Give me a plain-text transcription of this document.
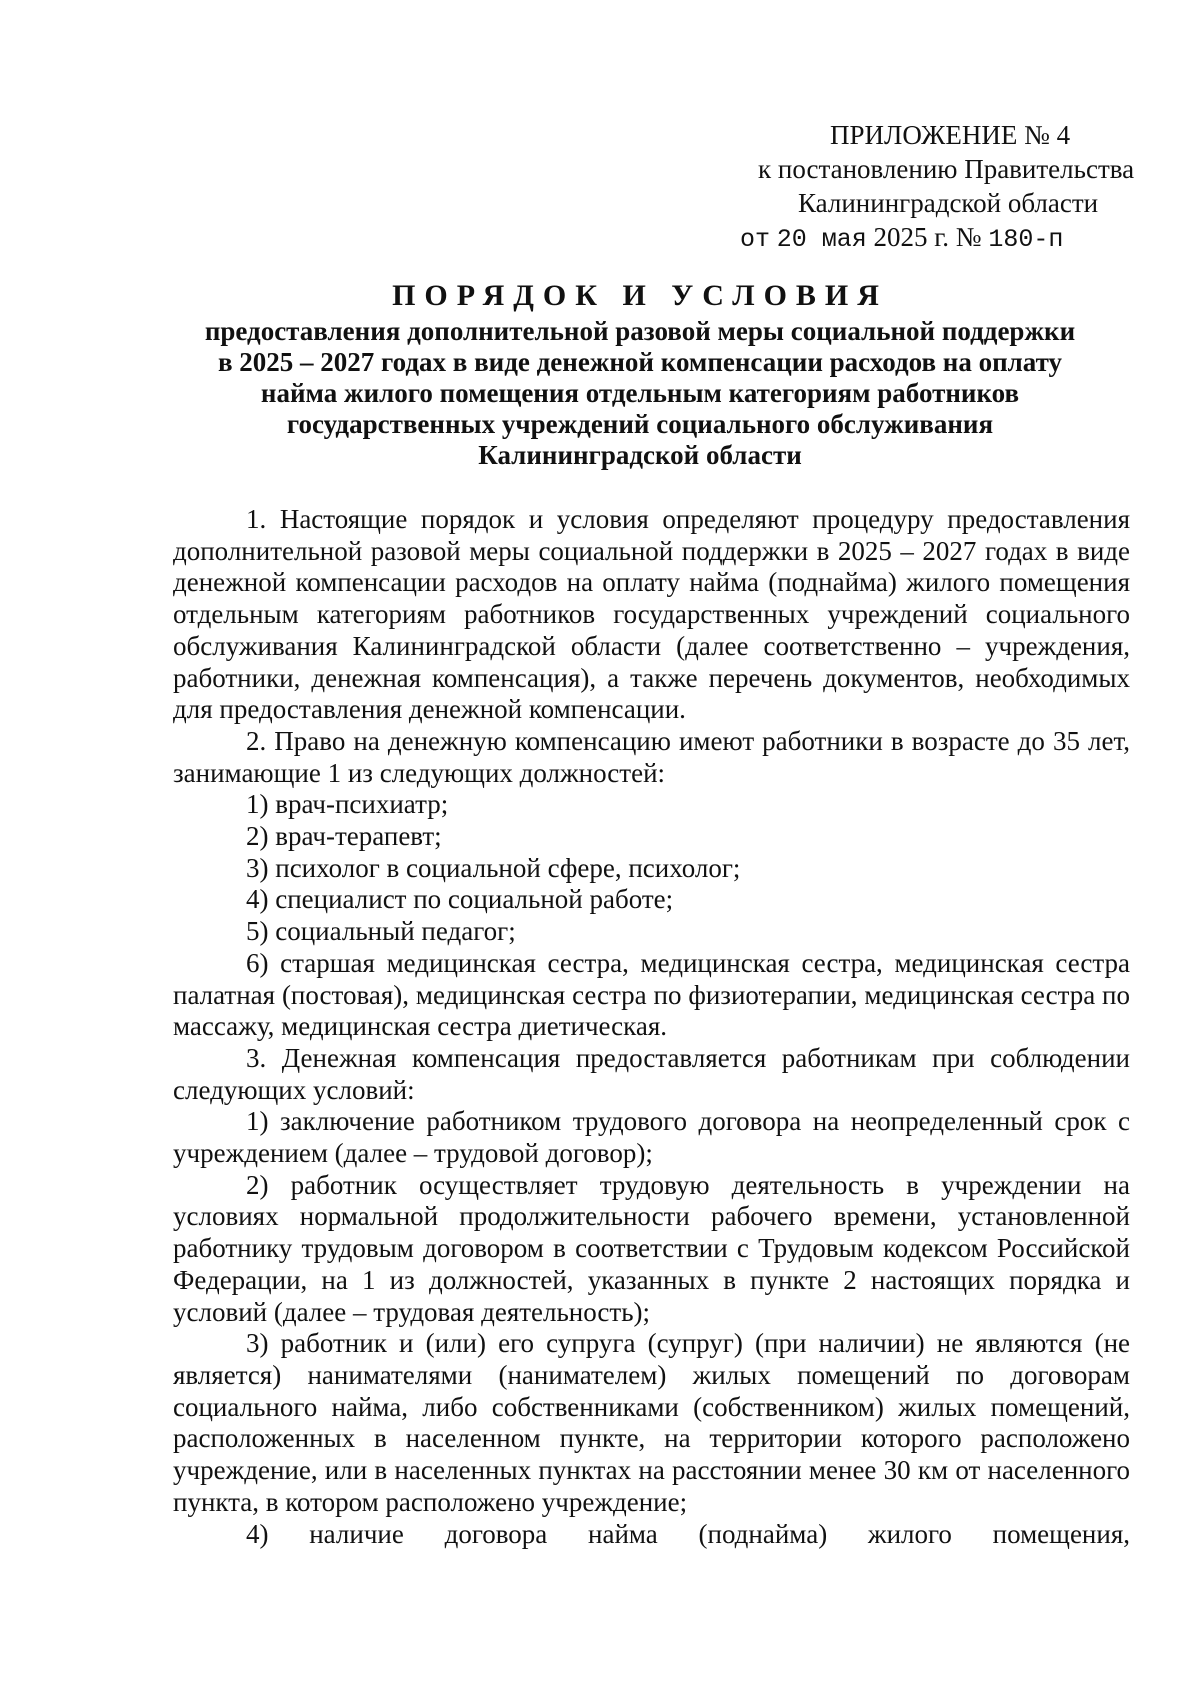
ПРИЛОЖЕНИЕ № 4
к постановлению Правительства
Калининградской области
от 20 мая 2025 г. № 180-п
ПОРЯДОК И УСЛОВИЯ
предоставления дополнительной разовой меры социальной поддержки
в 2025 – 2027 годах в виде денежной компенсации расходов на оплату
найма жилого помещения отдельным категориям работников
государственных учреждений социального обслуживания
Калининградской области

1. Настоящие порядок и условия определяют процедуру предоставления дополнительной разовой меры социальной поддержки в 2025 – 2027 годах в виде денежной компенсации расходов на оплату найма (поднайма) жилого помещения отдельным категориям работников государственных учреждений социального обслуживания Калининградской области (далее соответственно – учреждения, работники, денежная компенсация), а также перечень документов, необходимых для предоставления денежной компенсации.

2. Право на денежную компенсацию имеют работники в возрасте до 35 лет, занимающие 1 из следующих должностей:

1) врач-психиатр;

2) врач-терапевт;

3) психолог в социальной сфере, психолог;

4) специалист по социальной работе;

5) социальный педагог;

6) старшая медицинская сестра, медицинская сестра, медицинская сестра палатная (постовая), медицинская сестра по физиотерапии, медицинская сестра по массажу, медицинская сестра диетическая.

3. Денежная компенсация предоставляется работникам при соблюдении следующих условий:

1) заключение работником трудового договора на неопределенный срок с учреждением (далее – трудовой договор);

2) работник осуществляет трудовую деятельность в учреждении на условиях нормальной продолжительности рабочего времени, установленной работнику трудовым договором в соответствии с Трудовым кодексом Российской Федерации, на 1 из должностей, указанных в пункте 2 настоящих порядка и условий (далее – трудовая деятельность);

3) работник и (или) его супруга (супруг) (при наличии) не являются (не является) нанимателями (нанимателем) жилых помещений по договорам социального найма, либо собственниками (собственником) жилых помещений, расположенных в населенном пункте, на территории которого расположено учреждение, или в населенных пунктах на расстоянии менее 30 км от населенного пункта, в котором расположено учреждение;

4) наличие договора найма (поднайма) жилого помещения,
